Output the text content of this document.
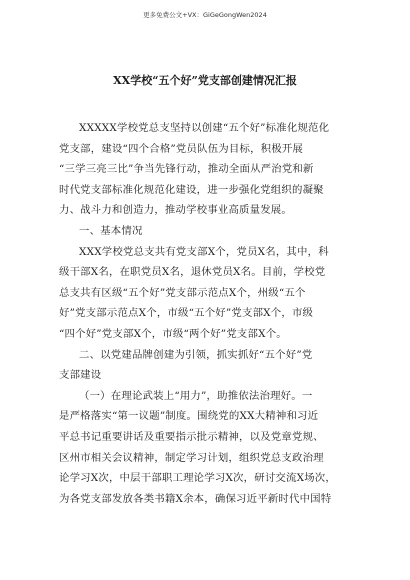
更多免费公文+VX：GiGeGongWen2024
XX学校“五个好”党支部创建情况汇报

XXXXX学校党总支坚持以创建“五个好”标准化规范化

党支部，建设“四个合格”党员队伍为目标，积极开展

“三学三亮三比”争当先锋行动，推动全面从严治党和新

时代党支部标准化规范化建设，进一步强化党组织的凝聚

力、战斗力和创造力，推动学校事业高质量发展。

一、基本情况

XXX学校党总支共有党支部X个，党员X名，其中，科

级干部X名，在职党员X名，退休党员X名。目前，学校党

总支共有区级“五个好”党支部示范点X个，州级“五个

好”党支部示范点X个，市级“五个好”党支部X个，市级

“四个好”党支部X个，市级“两个好”党支部X个。

二、以党建品牌创建为引领，抓实抓好“五个好”党

支部建设

（一）在理论武装上“用力”，助推依法治理好。一

是严格落实“第一议题”制度。围绕党的XX大精神和习近

平总书记重要讲话及重要指示批示精神，以及党章党规、

区州市相关会议精神，制定学习计划，组织党总支政治理

论学习X次，中层干部职工理论学习X次，研讨交流X场次，

为各党支部发放各类书籍X余本，确保习近平新时代中国特
